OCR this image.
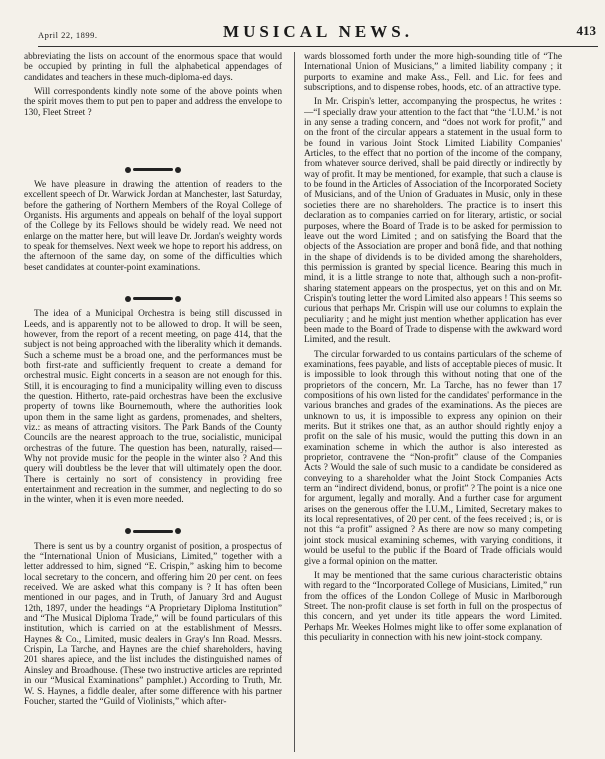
April 22, 1899.	MUSICAL NEWS.	413

abbreviating the lists on account of the enormous space that would be occupied by printing in full the alphabetical appendages of candidates and teachers in these much-diploma-ed days.

Will correspondents kindly note some of the above points when the spirit moves them to put pen to paper and address the envelope to 130, Fleet Street ?

We have pleasure in drawing the attention of readers to the excellent speech of Dr. Warwick Jordan at Manchester, last Saturday, before the gathering of Northern Members of the Royal College of Organists. His arguments and appeals on behalf of the loyal support of the College by its Fellows should be widely read. We need not enlarge on the matter here, but will leave Dr. Jordan's weighty words to speak for themselves. Next week we hope to report his address, on the afternoon of the same day, on some of the difficulties which beset candidates at counter-point examinations.

The idea of a Municipal Orchestra is being still discussed in Leeds, and is apparently not to be allowed to drop. It will be seen, however, from the report of a recent meeting, on page 414, that the subject is not being approached with the liberality which it demands. Such a scheme must be a broad one, and the performances must be both first-rate and sufficiently frequent to create a demand for orchestral music. Eight concerts in a season are not enough for this. Still, it is encouraging to find a municipality willing even to discuss the question. Hitherto, rate-paid orchestras have been the exclusive property of towns like Bournemouth, where the authorities look upon them in the same light as gardens, promenades, and shelters, viz.: as means of attracting visitors. The Park Bands of the County Councils are the nearest approach to the true, socialistic, municipal orchestras of the future. The question has been, naturally, raised—Why not provide music for the people in the winter also ? And this query will doubtless be the lever that will ultimately open the door. There is certainly no sort of consistency in providing free entertainment and recreation in the summer, and neglecting to do so in the winter, when it is even more needed.

There is sent us by a country organist of position, a prospectus of the “International Union of Musicians, Limited,” together with a letter addressed to him, signed “E. Crispin,” asking him to become local secretary to the concern, and offering him 20 per cent. on fees received. We are asked what this company is ? It has often been mentioned in our pages, and in Truth, of January 3rd and August 12th, 1897, under the headings “A Proprietary Diploma Institution” and “The Musical Diploma Trade,” will be found particulars of this institution, which is carried on at the establishment of Messrs. Haynes & Co., Limited, music dealers in Gray's Inn Road. Messrs. Crispin, La Tarche, and Haynes are the chief shareholders, having 201 shares apiece, and the list includes the distinguished names of Ainsley and Broadhouse. (These two instructive articles are reprinted in our “Musical Examinations” pamphlet.) According to Truth, Mr. W. S. Haynes, a fiddle dealer, after some difference with his partner Foucher, started the “Guild of Violinists,” which after-

wards blossomed forth under the more high-sounding title of “The International Union of Musicians,” a limited liability company ; it purports to examine and make Ass., Fell. and Lic. for fees and subscriptions, and to dispense robes, hoods, etc. of an attractive type.

In Mr. Crispin's letter, accompanying the prospectus, he writes :—“I specially draw your attention to the fact that “the ‘I.U.M.’ is not in any sense a trading concern, and “does not work for profit,” and on the front of the circular appears a statement in the usual form to be found in various Joint Stock Limited Liability Companies' Articles, to the effect that no portion of the income of the company, from whatever source derived, shall be paid directly or indirectly by way of profit. It may be mentioned, for example, that such a clause is to be found in the Articles of Association of the Incorporated Society of Musicians, and of the Union of Graduates in Music, only in these societies there are no shareholders. The practice is to insert this declaration as to companies carried on for literary, artistic, or social purposes, where the Board of Trade is to be asked for permission to leave out the word Limited ; and on satisfying the Board that the objects of the Association are proper and bonâ fide, and that nothing in the shape of dividends is to be divided among the shareholders, this permission is granted by special licence. Bearing this much in mind, it is a little strange to note that, although such a non-profit-sharing statement appears on the prospectus, yet on this and on Mr. Crispin's touting letter the word Limited also appears ! This seems so curious that perhaps Mr. Crispin will use our columns to explain the peculiarity ; and he might just mention whether application has ever been made to the Board of Trade to dispense with the awkward word Limited, and the result.

The circular forwarded to us contains particulars of the scheme of examinations, fees payable, and lists of acceptable pieces of music. It is impossible to look through this without noting that one of the proprietors of the concern, Mr. La Tarche, has no fewer than 17 compositions of his own listed for the candidates' performance in the various branches and grades of the examinations. As the pieces are unknown to us, it is impossible to express any opinion on their merits. But it strikes one that, as an author should rightly enjoy a profit on the sale of his music, would the putting this down in an examination scheme in which the author is also interested as proprietor, contravene the “Non-profit” clause of the Companies Acts ? Would the sale of such music to a candidate be considered as conveying to a shareholder what the Joint Stock Companies Acts term an “indirect dividend, bonus, or profit” ? The point is a nice one for argument, legally and morally. And a further case for argument arises on the generous offer the I.U.M., Limited, Secretary makes to its local representatives, of 20 per cent. of the fees received ; is, or is not this “a profit” assigned ? As there are now so many competing joint stock musical examining schemes, with varying conditions, it would be useful to the public if the Board of Trade officials would give a formal opinion on the matter.

It may be mentioned that the same curious characteristic obtains with regard to the “Incorporated College of Musicians, Limited,” run from the offices of the London College of Music in Marlborough Street. The non-profit clause is set forth in full on the prospectus of this concern, and yet under its title appears the word Limited. Perhaps Mr. Weekes Holmes might like to offer some explanation of this peculiarity in connection with his new joint-stock company.
